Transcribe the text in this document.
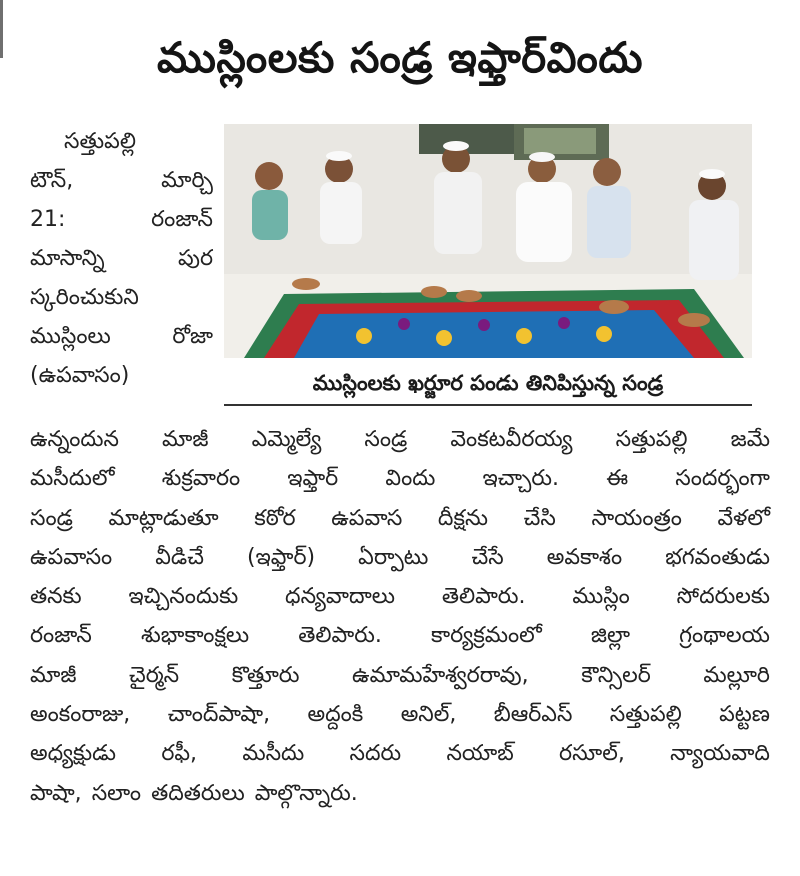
ముస్లింలకు సండ్ర ఇఫ్తార్‌విందు
సత్తుపల్లి
టౌన్,	మార్చి
21:	రంజాన్
మాసాన్ని	పుర
స్కరించుకుని
ముస్లింలు	రోజా
(ఉపవాసం)	ముస్లింలకు ఖర్జూర పండు తినిపిస్తున్న సండ్ర
ఉన్నందున మాజీ ఎమ్మెల్యే సండ్ర వెంకటవీరయ్య సత్తుపల్లి జమే
మసీదులో శుక్రవారం ఇఫ్తార్ విందు ఇచ్చారు. ఈ సందర్భంగా
సండ్ర మాట్లాడుతూ కఠోర ఉపవాస దీక్షను చేసి సాయంత్రం వేళలో
ఉపవాసం వీడిచే (ఇఫ్తార్) ఏర్పాటు చేసే అవకాశం భగవంతుడు
తనకు ఇచ్చినందుకు ధన్యవాదాలు తెలిపారు. ముస్లిం సోదరులకు
రంజాన్ శుభాకాంక్షలు తెలిపారు. కార్యక్రమంలో జిల్లా గ్రంథాలయ
మాజీ చైర్మన్ కొత్తూరు ఉమామహేశ్వరరావు, కౌన్సిలర్ మల్లూరి
అంకంరాజు, చాంద్‌పాషా, అద్దంకి అనిల్, బీఆర్‌ఎస్ సత్తుపల్లి పట్టణ
అధ్యక్షుడు రఫీ, మసీదు సదరు నయాబ్ రసూల్, న్యాయవాది
పాషా, సలాం తదితరులు పాల్గొన్నారు.
